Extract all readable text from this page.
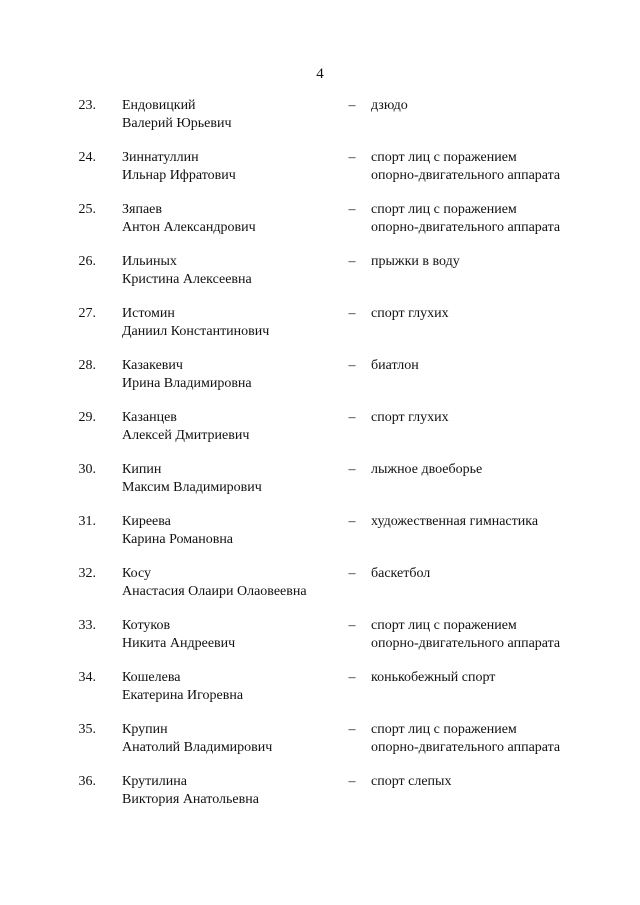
4
23. Ендовицкий
Валерий Юрьевич
– дзюдо
24. Зиннатуллин
Ильнар Ифратович
– спорт лиц с поражением
опорно-двигательного аппарата
25. Зяпаев
Антон Александрович
– спорт лиц с поражением
опорно-двигательного аппарата
26. Ильиных
Кристина Алексеевна
– прыжки в воду
27. Истомин
Даниил Константинович
– спорт глухих
28. Казакевич
Ирина Владимировна
– биатлон
29. Казанцев
Алексей Дмитриевич
– спорт глухих
30. Кипин
Максим Владимирович
– лыжное двоеборье
31. Киреева
Карина Романовна
– художественная гимнастика
32. Косу
Анастасия Олаири Олаовеевна
– баскетбол
33. Котуков
Никита Андреевич
– спорт лиц с поражением
опорно-двигательного аппарата
34. Кошелева
Екатерина Игоревна
– конькобежный спорт
35. Крупин
Анатолий Владимирович
– спорт лиц с поражением
опорно-двигательного аппарата
36. Крутилина
Виктория Анатольевна
– спорт слепых
